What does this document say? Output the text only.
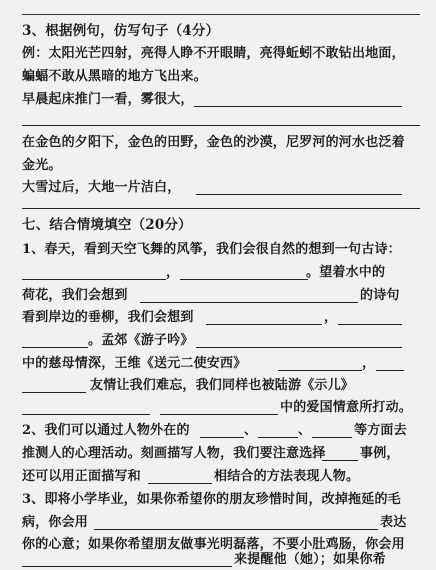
3、根据例句，仿写句子（4分）
例：太阳光芒四射，亮得人睁不开眼睛，亮得蚯蚓不敢钻出地面，
蝙蝠不敢从黑暗的地方飞出来。
早晨起床推门一看，雾很大，
在金色的夕阳下，金色的田野，金色的沙漠，尼罗河的河水也泛着
金光。
大雪过后，大地一片洁白，
七、结合情境填空（20分）
1、春天，看到天空飞舞的风筝，我们会很自然的想到一句古诗：
，	。望着水中的
荷花，我们会想到	的诗句
看到岸边的垂柳，我们会想到	，
。孟郊《游子吟》
中的慈母情深，王维《送元二使安西》	，
友情让我们难忘，我们同样也被陆游《示儿》
中的爱国情意所打动。
2、我们可以通过人物外在的	、	、	等方面去
推测人的心理活动。刻画描写人物，我们要注意选择	事例，
还可以用正面描写和	相结合的方法表现人物。
3、即将小学毕业，如果你希望你的朋友珍惜时间，改掉拖延的毛
病，你会用	表达
你的心意；如果你希望朋友做事光明磊落，不要小肚鸡肠，你会用
来提醒他（她）；如果你希
